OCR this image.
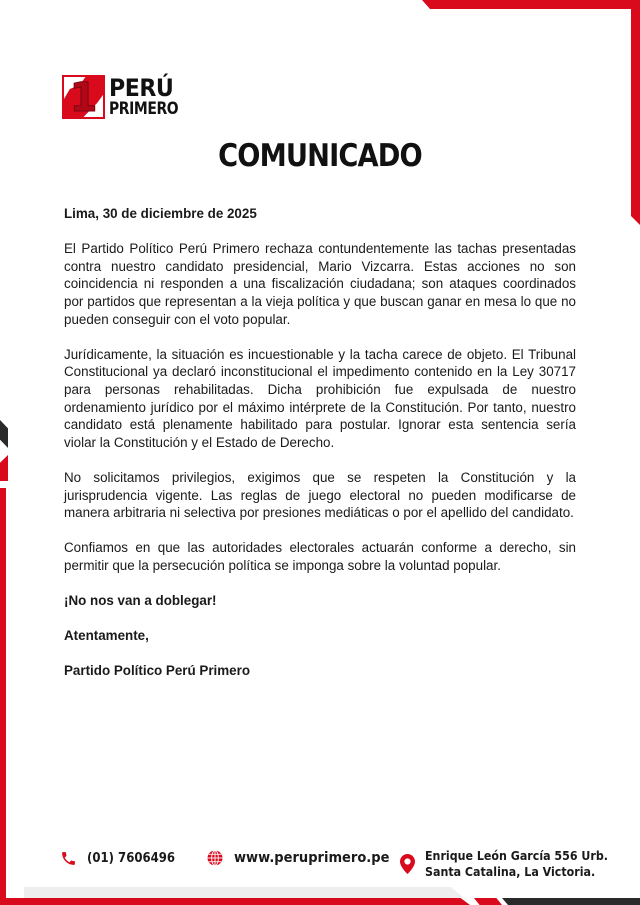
1 PERÚ
PRIMERO
COMUNICADO

Lima, 30 de diciembre de 2025

El Partido Político Perú Primero rechaza contundentemente las tachas presentadas contra nuestro candidato presidencial, Mario Vizcarra. Estas acciones no son coincidencia ni responden a una fiscalización ciudadana; son ataques coordinados por partidos que representan a la vieja política y que buscan ganar en mesa lo que no pueden conseguir con el voto popular.

Jurídicamente, la situación es incuestionable y la tacha carece de objeto. El Tribunal Constitucional ya declaró inconstitucional el impedimento contenido en la Ley 30717 para personas rehabilitadas. Dicha prohibición fue expulsada de nuestro ordenamiento jurídico por el máximo intérprete de la Constitución. Por tanto, nuestro candidato está plenamente habilitado para postular. Ignorar esta sentencia sería violar la Constitución y el Estado de Derecho.

No solicitamos privilegios, exigimos que se respeten la Constitución y la jurisprudencia vigente. Las reglas de juego electoral no pueden modificarse de manera arbitraria ni selectiva por presiones mediáticas o por el apellido del candidato.

Confiamos en que las autoridades electorales actuarán conforme a derecho, sin permitir que la persecución política se imponga sobre la voluntad popular.

¡No nos van a doblegar!

Atentamente,

Partido Político Perú Primero

(01) 7606496	www.peruprimero.pe	Enrique León García 556 Urb.
Santa Catalina, La Victoria.
